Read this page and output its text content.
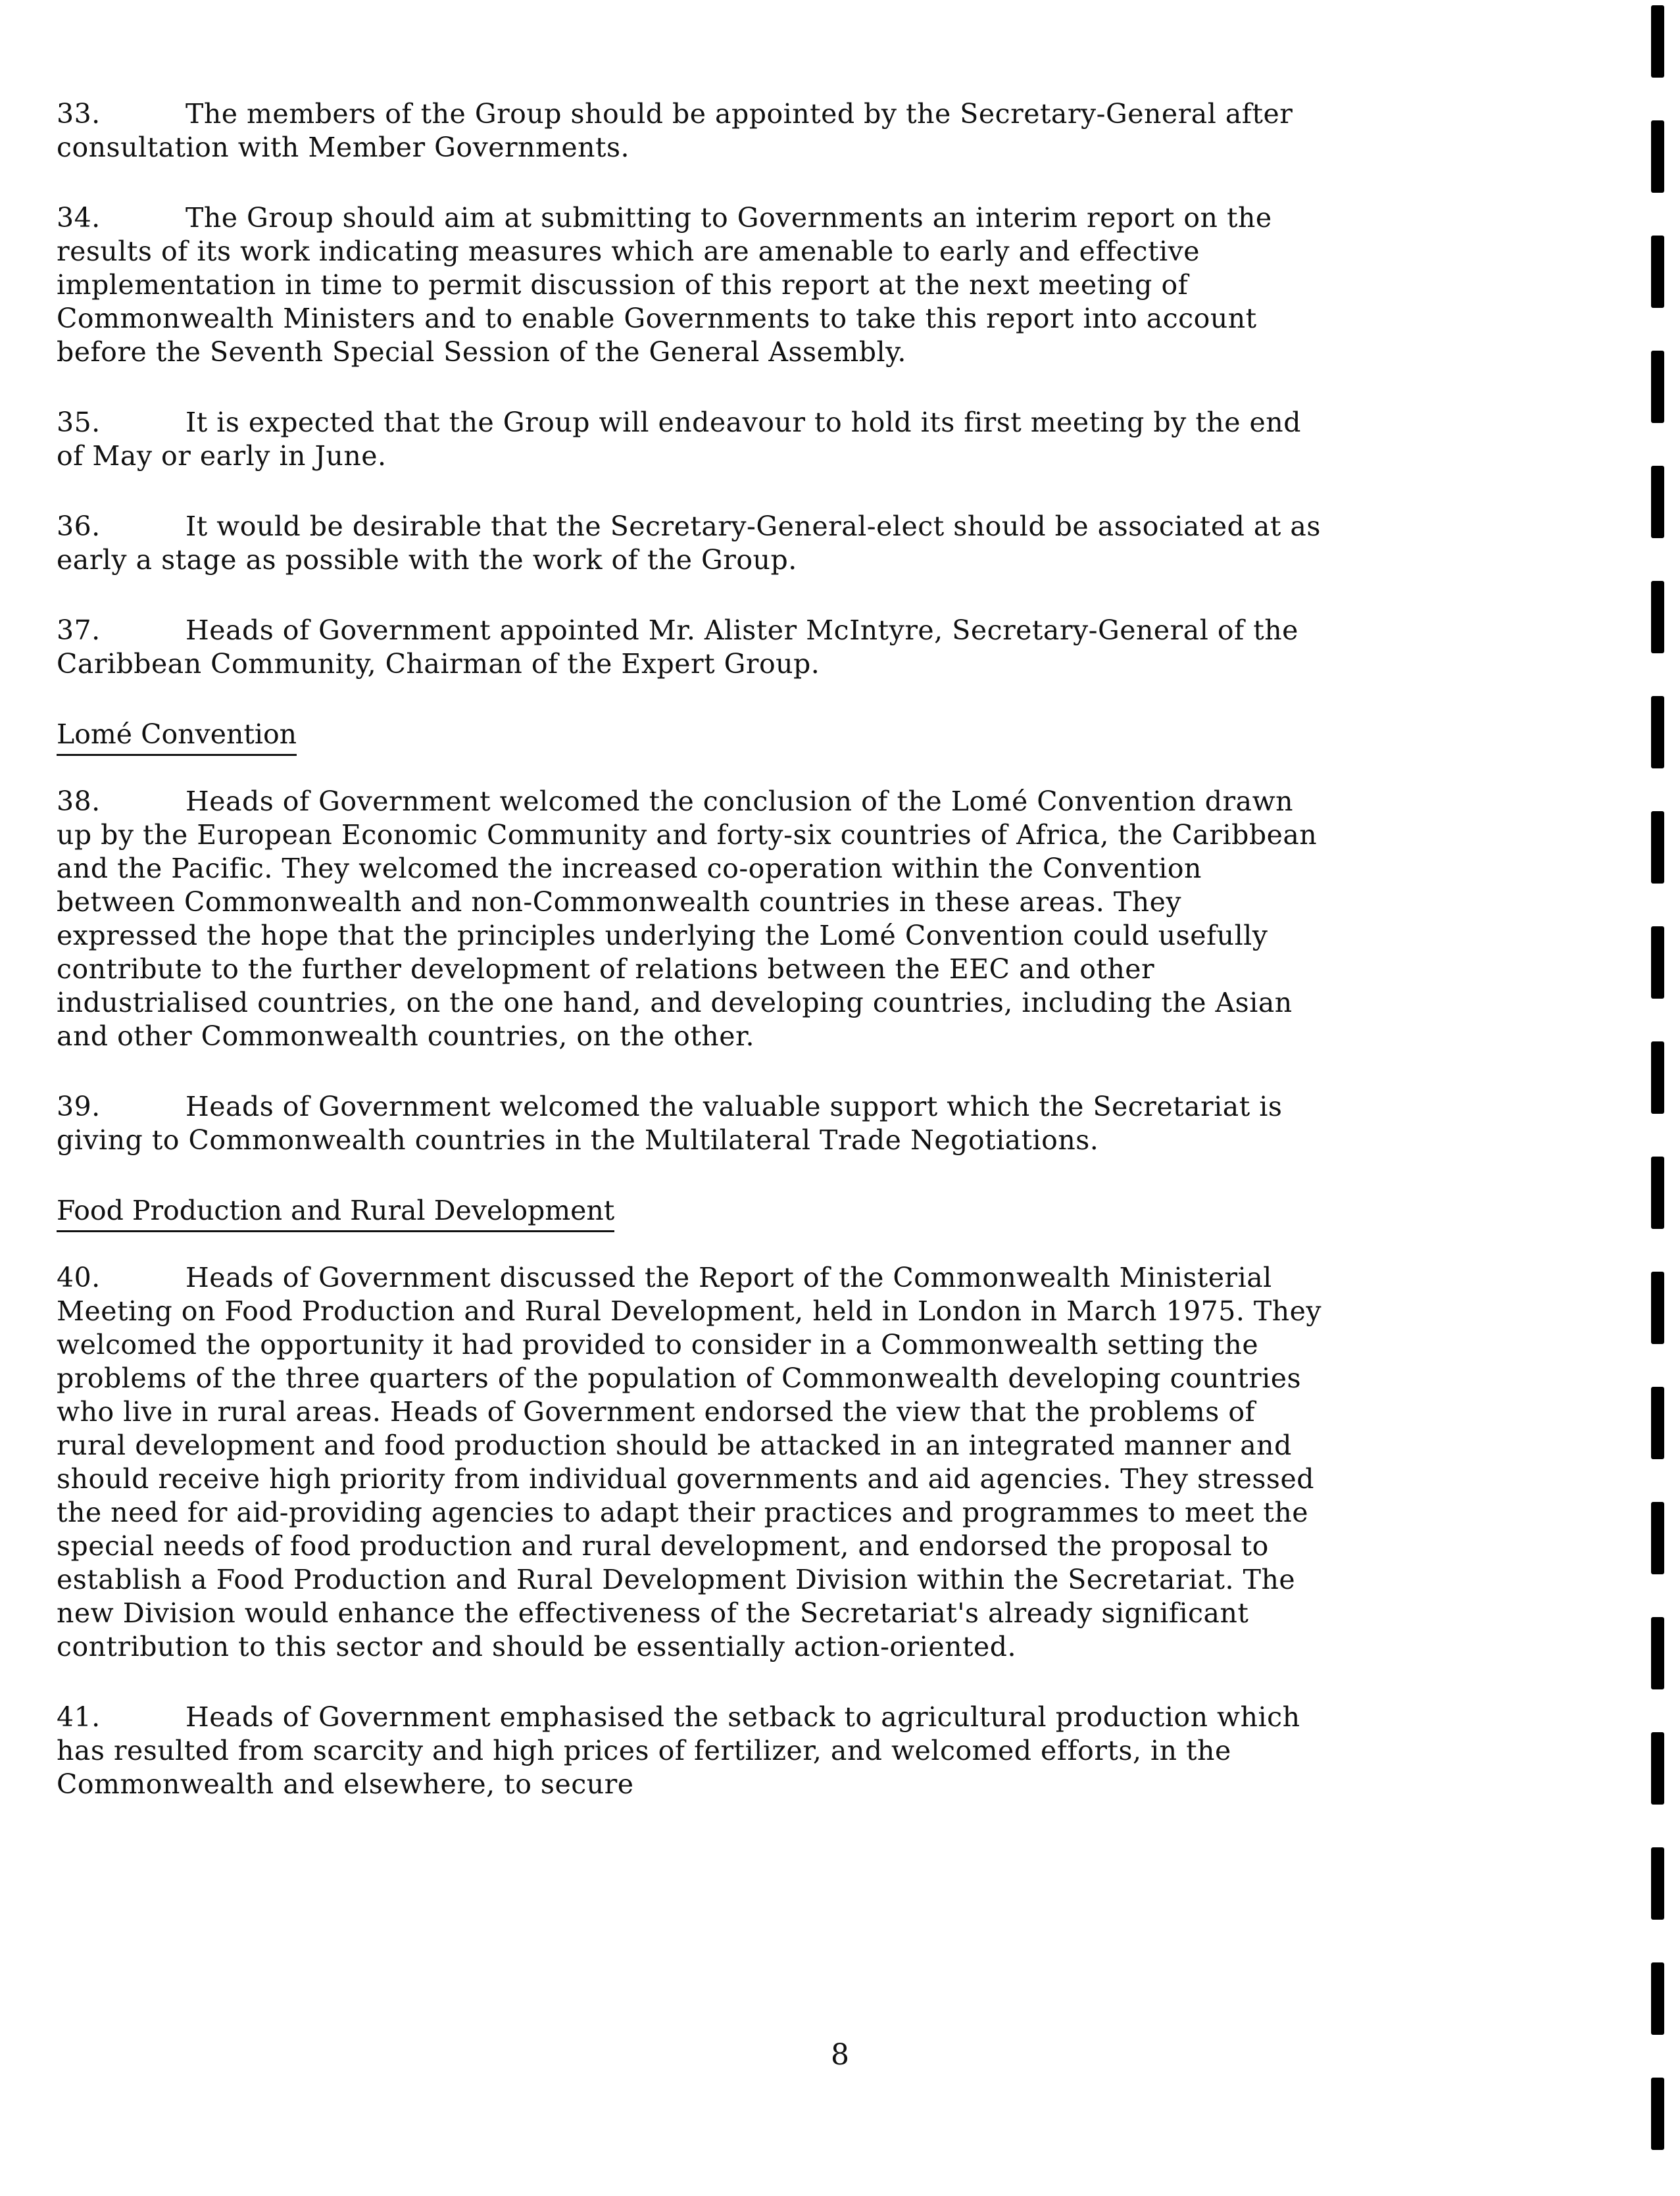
33.	The members of the Group should be appointed by the Secretary-General after consultation with Member Governments.

34.	The Group should aim at submitting to Governments an interim report on the results of its work indicating measures which are amenable to early and effective implementation in time to permit discussion of this report at the next meeting of Commonwealth Ministers and to enable Governments to take this report into account before the Seventh Special Session of the General Assembly.

35.	It is expected that the Group will endeavour to hold its first meeting by the end of May or early in June.

36.	It would be desirable that the Secretary-General-elect should be associated at as early a stage as possible with the work of the Group.

37.	Heads of Government appointed Mr. Alister McIntyre, Secretary-General of the Caribbean Community, Chairman of the Expert Group.

Lomé Convention

38.	Heads of Government welcomed the conclusion of the Lomé Convention drawn up by the European Economic Community and forty-six countries of Africa, the Caribbean and the Pacific. They welcomed the increased co-operation within the Convention between Commonwealth and non-Commonwealth countries in these areas. They expressed the hope that the principles underlying the Lomé Convention could usefully contribute to the further development of relations between the EEC and other industrialised countries, on the one hand, and developing countries, including the Asian and other Commonwealth countries, on the other.

39.	Heads of Government welcomed the valuable support which the Secretariat is giving to Commonwealth countries in the Multilateral Trade Negotiations.

Food Production and Rural Development

40.	Heads of Government discussed the Report of the Commonwealth Ministerial Meeting on Food Production and Rural Development, held in London in March 1975. They welcomed the opportunity it had provided to consider in a Commonwealth setting the problems of the three quarters of the population of Commonwealth developing countries who live in rural areas. Heads of Government endorsed the view that the problems of rural development and food production should be attacked in an integrated manner and should receive high priority from individual governments and aid agencies. They stressed the need for aid-providing agencies to adapt their practices and programmes to meet the special needs of food production and rural development, and endorsed the proposal to establish a Food Production and Rural Development Division within the Secretariat. The new Division would enhance the effectiveness of the Secretariat's already significant contribution to this sector and should be essentially action-oriented.

41.	Heads of Government emphasised the setback to agricultural production which has resulted from scarcity and high prices of fertilizer, and welcomed efforts, in the Commonwealth and elsewhere, to secure

8
